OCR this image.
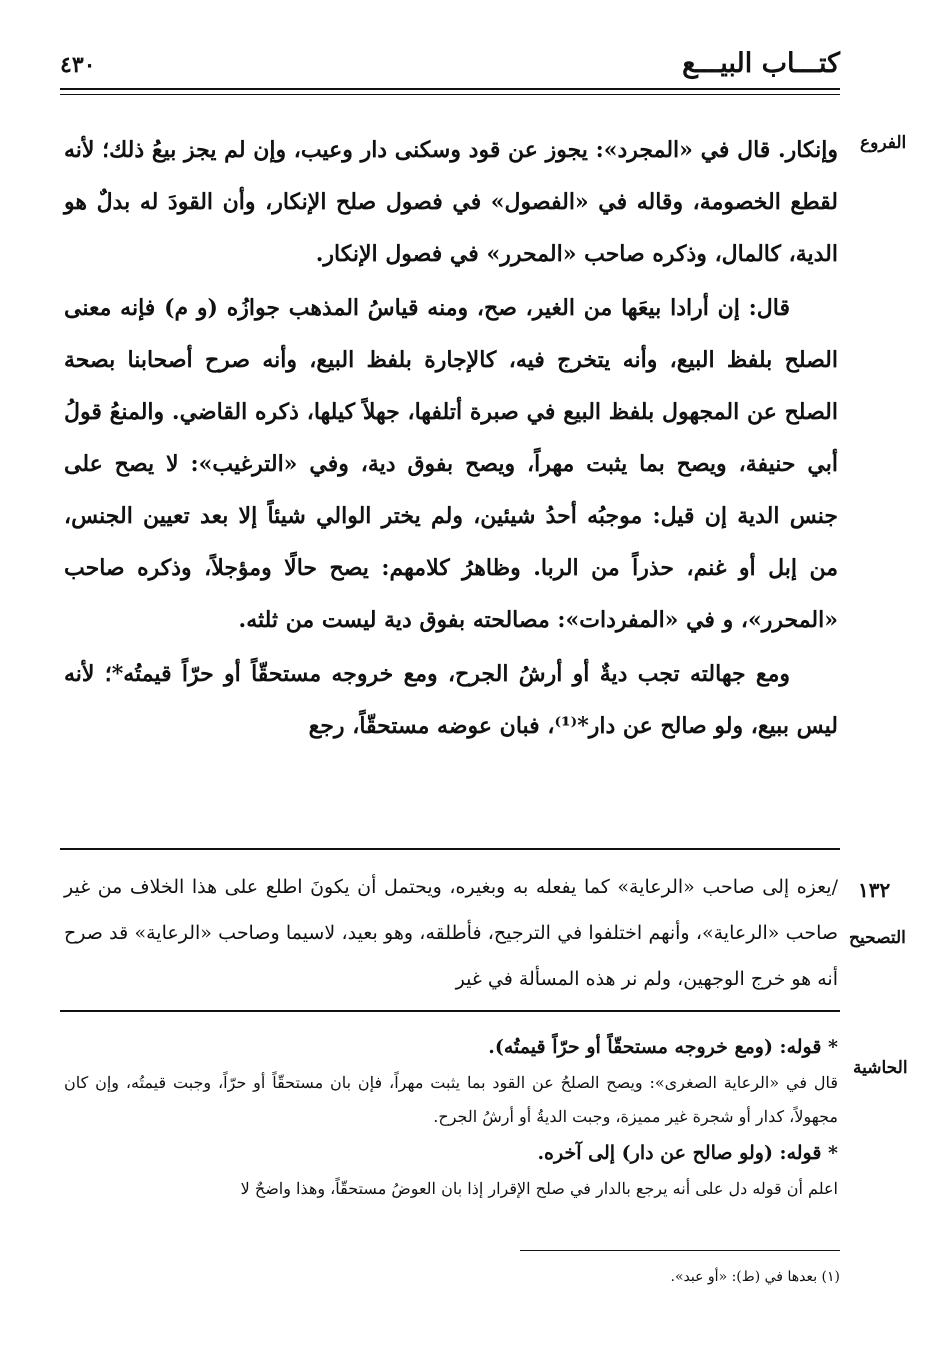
كتـــاب البيـــع
٤٣٠
الفروع

وإنكار. قال في «المجرد»: يجوز عن قود وسكنى دار وعيب، وإن لم يجز بيعُ ذلك؛ لأنه لقطع الخصومة، وقاله في «الفصول» في فصول صلح الإنكار، وأن القودَ له بدلٌ هو الدية، كالمال، وذكره صاحب «المحرر» في فصول الإنكار.

قال: إن أرادا بيعَها من الغير، صح، ومنه قياسُ المذهب جوازُه (و م) فإنه معنى الصلح بلفظ البيع، وأنه يتخرج فيه، كالإجارة بلفظ البيع، وأنه صرح أصحابنا بصحة الصلح عن المجهول بلفظ البيع في صبرة أتلفها، جهلاً كيلها، ذكره القاضي. والمنعُ قولُ أبي حنيفة، ويصح بما يثبت مهراً، ويصح بفوق دية، وفي «الترغيب»: لا يصح على جنس الدية إن قيل: موجبُه أحدُ شيئين، ولم يختر الوالي شيئاً إلا بعد تعيين الجنس، من إبل أو غنم، حذراً من الربا. وظاهرُ كلامهم: يصح حالًا ومؤجلاً، وذكره صاحب «المحرر»، و في «المفردات»: مصالحته بفوق دية ليست من ثلثه.

ومع جهالته تجب ديةٌ أو أرشُ الجرح، ومع خروجه مستحقّاً أو حرّاً قيمتُه*؛ لأنه ليس ببيع، ولو صالح عن دار*⁽¹⁾، فبان عوضه مستحقّاً، رجع

١٣٢
التصحيح

/يعزه إلى صاحب «الرعاية» كما يفعله به وبغيره، ويحتمل أن يكونَ اطلع على هذا الخلاف من غير صاحب «الرعاية»، وأنهم اختلفوا في الترجيح، فأطلقه، وهو بعيد، لاسيما وصاحب «الرعاية» قد صرح أنه هو خرج الوجهين، ولم نر هذه المسألة في غير

الحاشية

* قوله: (ومع خروجه مستحقّاً أو حرّاً قيمتُه).

قال في «الرعاية الصغرى»: ويصح الصلحُ عن القود بما يثبت مهراً، فإن بان مستحقّاً أو حرّاً، وجبت قيمتُه، وإن كان مجهولاً، كدار أو شجرة غير مميزة، وجبت الديةُ أو أرشُ الجرح.

* قوله: (ولو صالح عن دار) إلى آخره.

اعلم أن قوله دل على أنه يرجع بالدار في صلح الإقرار إذا بان العوضُ مستحقّاً، وهذا واضحٌ لا

(١) بعدها في (ط): «أو عبد».
